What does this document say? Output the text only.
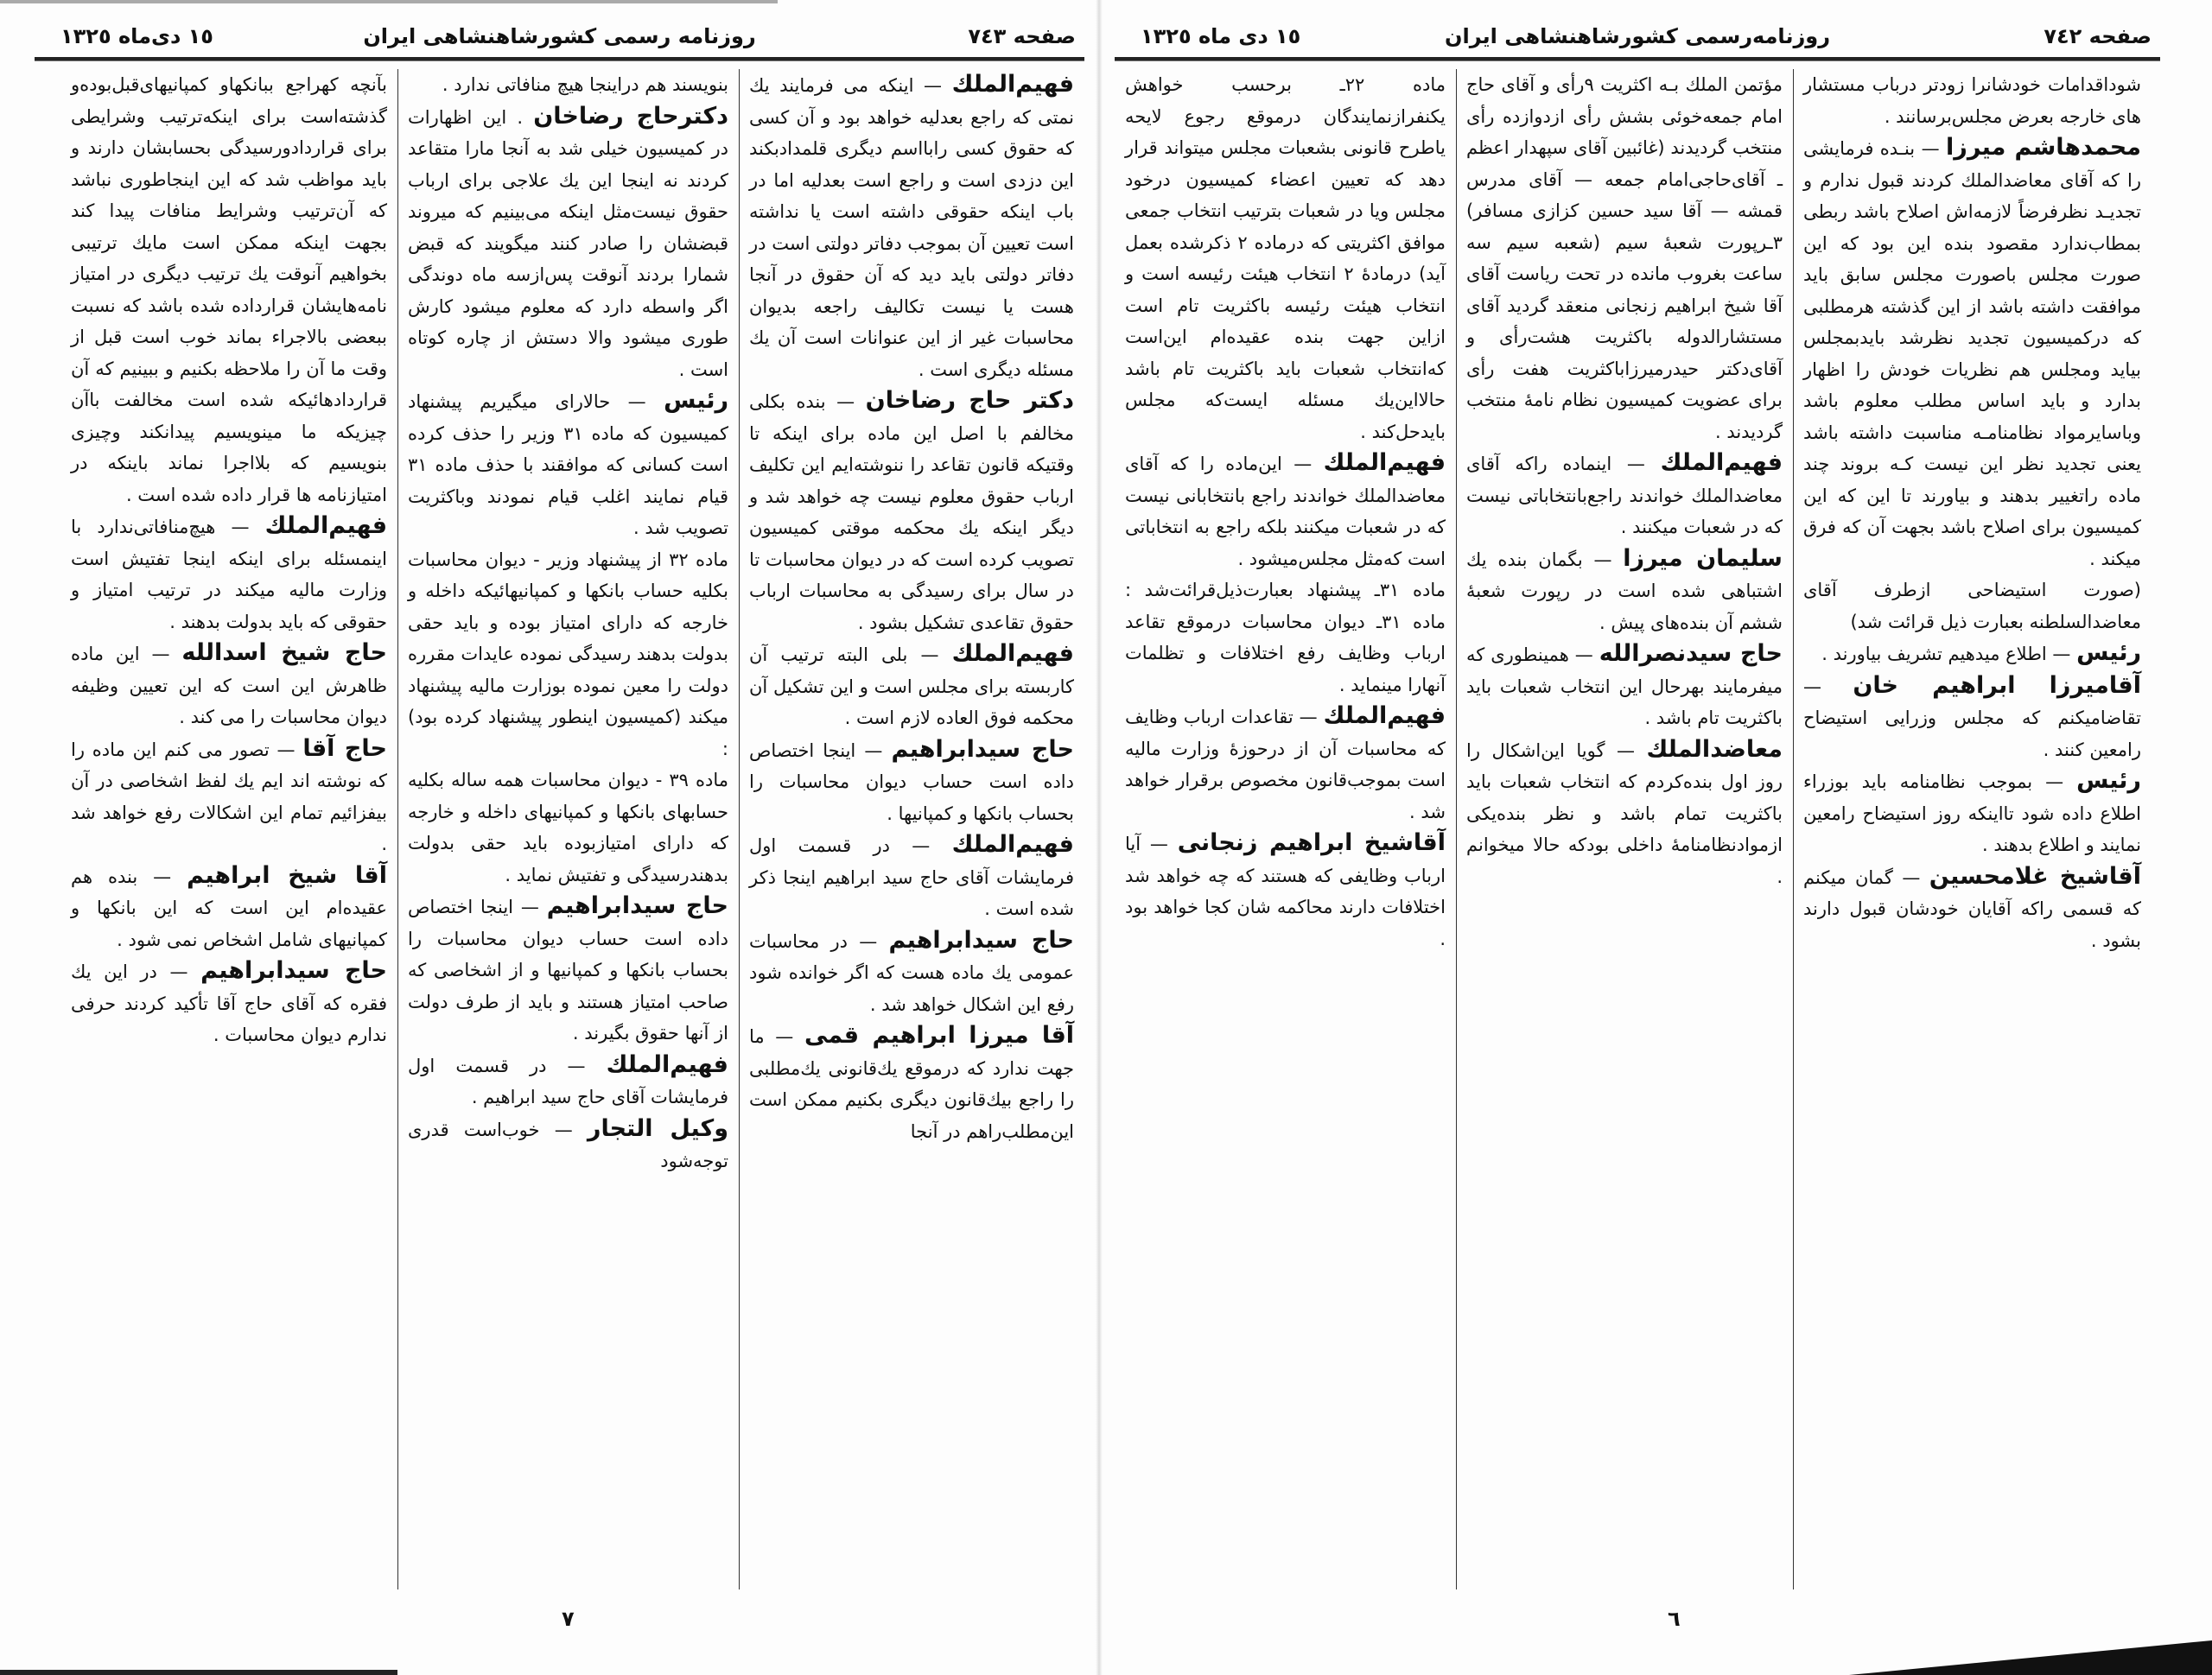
صفحه ٧٤٣
روزنامه رسمی کشورشاهنشاهی ایران
١٥ دی‌ماه ١٣٢٥

فهیم‌الملك — اینکه می فرمایند یك نمتی که راجع بعدلیه خواهد بود و آن کسی که حقوق کسی رابااسم دیگری قلمدادبکند این دزدی است و راجع است بعدلیه اما در باب اینکه حقوقی داشته است یا نداشته است تعیین آن بموجب دفاتر دولتی است در دفاتر دولتی باید دید که آن حقوق در آنجا هست یا نیست تکالیف راجعه بدیوان محاسبات غیر از این عنوانات است آن یك مسئله دیگری است .

دکتر حاج رضاخان — بنده بکلی مخالفم با اصل این ماده برای اینکه تا وقتیکه قانون تقاعد را ننوشته‌ایم این تکلیف ارباب حقوق معلوم نیست چه خواهد شد و دیگر اینکه یك محکمه‌ موقتی کمیسیون تصویب کرده است که در دیوان محاسبات تا در سال برای رسیدگی به محاسبات ارباب حقوق تقاعدی تشکیل بشود .

فهیم‌الملك — بلی البته ترتیب آن کاربسته برای مجلس است و این تشکیل آن محکمه فوق العاده لازم است .

حاج سیدابراهیم — اینجا اختصاص داده است حساب دیوان محاسبات را بحساب بانکها و کمپانیها .

فهیم‌الملك — در قسمت اول فرمایشات آقای حاج سید ابراهیم اینجا ذکر شده است .

حاج سیدابراهیم — در محاسبات عمومی یك ماده هست که اگر خوانده شود رفع این اشکال خواهد شد .

آقا میرزا ابراهیم قمی — ما جهت ندارد که درموقع یك‌قانونی یك‌مطلبی را راجع بیك‌قانون دیگری بکنیم ممکن است این‌مطلب‌راهم در آنجا

بنویسند هم دراینجا هیچ منافاتی ندارد .

دکترحاج رضاخان . این اظهارات در کمیسیون خیلی شد به آنجا مارا متقاعد کردند نه اینجا این یك علاجی برای ارباب حقوق نیست‌مثل اینکه می‌بینیم که میروند قبضشان را صادر کنند میگویند که قبض شمارا بردند آنوقت پس‌ازسه ماه دوندگی اگر واسطه دارد که معلوم میشود کارش طوری میشود والا دستش از چاره کوتاه است .

رئیس — حالارای میگیریم پیشنهاد کمیسیون که ماده ٣١ وزیر را حذف کرده است کسانی که موافقند با حذف ماده ٣١ قیام نمایند اغلب قیام نمودند وباکثریت تصویب شد .

ماده ٣٢ از پیشنهاد وزیر - دیوان محاسبات بکلیه حساب بانکها و کمپانیهائیکه داخله و خارجه که دارای امتیاز بوده و باید حقی بدولت بدهند رسیدگی نموده عایدات مقرره دولت را معین نموده بوزارت مالیه پیشنهاد میکند (کمیسیون اینطور پیشنهاد کرده بود) :

ماده ٣٩ - دیوان محاسبات همه ساله بکلیه حسابهای بانکها و کمپانیهای داخله و خارجه که دارای امتیازبوده باید حقی بدولت بدهندرسیدگی و تفتیش نماید .

حاج سیدابراهیم — اینجا اختصاص داده است حساب دیوان محاسبات را بحساب بانکها و کمپانیها و از اشخاصی که صاحب امتیاز هستند و باید از طرف دولت از آنها حقوق بگیرند .

فهیم‌الملك — در قسمت اول فرمایشات آقای حاج سید ابراهیم .

وکیل التجار — خوب‌است قدری توجه‌شود

بآنچه کهراجع ببانکهاو کمپانیهای‌قبل‌بوده‌و گذشته‌است برای اینکه‌ترتیب وشرایطی برای قراردادورسیدگی بحسابشان دارند و باید مواظب شد که این اینجاطوری نباشد که آن‌ترتیب وشرایط منافات پیدا کند بجهت اینکه ممکن است مایك ترتیبی بخواهیم آنوقت یك ترتیب دیگری در امتیاز نامه‌هایشان قرارداده شده باشد که نسبت ببعضی بالاجراء بماند خوب است قبل از وقت ما آن را ملاحظه بکنیم و ببینیم که آن قراردادهائیکه شده است مخالفت باآن چیزیکه ما مینویسیم پیدانکند وچیزی بنویسیم که بلااجرا نماند باینکه در امتیازنامه ها قرار داده شده است .

فهیم‌الملك — هیچ‌منافاتی‌ندارد با اینمسئله برای اینکه اینجا تفتیش است وزارت مالیه میکند در ترتیب امتیاز و حقوقی که باید بدولت بدهند .

حاج شیخ اسدالله — این ماده ظاهرش این است که این تعیین وظیفه دیوان محاسبات را می کند .

حاج آقا — تصور می کنم این ماده را که نوشته اند ایم یك لفظ اشخاصی در آن بیفزائیم تمام این اشکالات رفع خواهد شد .

آقا شیخ ابراهیم — بنده هم عقیده‌ام این است که این بانکها و کمپانیهای شامل اشخاص نمی شود .

حاج سیدابراهیم — در این یك فقره که آقای حاج آقا تأکید کردند حرفی ندارم دیوان محاسبات .

٧
صفحه ٧٤٢
روزنامه‌رسمی کشورشاهنشاهی ایران
١٥ دی ماه ١٣٢٥

ماده ٢٢ـ برحسب خواهش یکنفرازنمایندگان درموقع رجوع لایحه یاطرح قانونی بشعبات مجلس میتواند قرار دهد که تعیین اعضاء کمیسیون درخود مجلس ویا در شعبات بترتیب انتخاب جمعی موافق اکثریتی که درماده ٢ ذکرشده بعمل آید) درمادهٔ ٢ انتخاب هیئت رئیسه است و انتخاب هیئت رئیسه باکثریت تام است ازاین جهت بنده عقیده‌ام این‌است که‌انتخاب شعبات باید باکثریت تام باشد حالااین‌یك مسئله ایست‌که مجلس بایدحل‌کند .

فهیم‌الملك — این‌ماده را که آقای معاضدالملك خواندند راجع بانتخابانی نیست که در شعبات میکنند بلکه راجع به انتخاباتی است که‌مثل مجلس‌میشود .

ماده ٣١ـ پیشنهاد بعبارت‌ذیل‌قرائت‌شد : ماده ٣١ـ دیوان محاسبات درموقع تقاعد ارباب وظایف رفع اختلافات و تظلمات آنهارا مینماید .

فهیم‌الملك — تقاعدات ارباب وظایف که محاسبات آن از درحوزهٔ وزارت مالیه است بموجب‌قانون مخصوص برقرار خواهد شد .

آقاشیخ ابراهیم زنجانی — آیا ارباب وظایفی که هستند که چه خواهد شد اختلافات دارند محاکمه شان کجا خواهد بود .

مؤتمن الملك بـه اکثریت ٩رأی و آقای حاج امام جمعه‌خوئی بشش رأی ازدوازده رأی منتخب گردیدند (غائبین آقای سپهدار اعظم ـ آقای‌حاجی‌امام جمعه — آقای مدرس قمشه — آقا سید حسین کزازی مسافر) ٣ـرپورت شعبهٔ سیم (شعبه سیم سه ساعت بغروب مانده در تحت ریاست آقای آقا شیخ ابراهیم زنجانی منعقد گردید آقای مستشارالدوله باکثریت هشت‌رأی و آقای‌دکتر حیدرمیرزاباکثریت هفت رأی برای عضویت کمیسیون نظام نامهٔ منتخب گردیدند .

فهیم‌الملك — اینماده راکه آقای معاضدالملك خواندند راجع‌بانتخاباتی نیست که در شعبات میکنند .

سلیمان میرزا — بگمان بنده یك اشتباهی شده است در رپورت شعبهٔ ششم آن بنده‌های پیش .

حاج سیدنصرالله — همینطوری که میفرمایند بهرحال این انتخاب شعبات باید باکثریت تام باشد .

معاضدالملك — گویا این‌اشکال را روز اول بنده‌کردم که انتخاب شعبات باید باکثریت تمام باشد و نظر بنده‌یکی ازموادنظامنامهٔ داخلی بودکه حالا میخوانم .

شوداقدامات خودشانرا زودتر درباب مستشار های خارجه بعرض مجلس‌برسانند .

محمدهاشم میرزا — بنـده فرمایشی را که آقای معاضدالملك کردند قبول ندارم و تجدیـد نظرفرضاً لازمه‌اش اصلاح باشد ربطی بمطاب‌ندارد مقصود بنده این بود که این صورت مجلس باصورت مجلس سابق باید موافقت داشته باشد از این گذشته هرمطلبی که درکمیسیون تجدید نظرشد بایدبمجلس بیاید ومجلس هم نظریات خودش را اظهار بدارد و باید اساس مطلب معلوم باشد وباسایرمواد نظامنامـه مناسبت داشته باشد یعنی تجدید نظر این نیست کـه بروند چند ماده راتغییر بدهند و بیاورند تا این که این کمیسیون برای اصلاح باشد بجهت آن که فرق میکند .

(صورت استیضاحی ازطرف آقای معاضدالسلطنه بعبارت ذیل قرائت شد)

رئیس — اطلاع میدهیم تشریف بیاورند .

آقامیرزا ابراهیم خان — تقاضامیکنم که مجلس وزرایی استیضاح رامعین کنند .

رئیس — بموجب نظامنامه باید بوزراء اطلاع داده شود تااینکه روز استیضاح رامعین نمایند و اطلاع بدهند .

آقاشیخ غلامحسین — گمان میکنم که قسمی راکه آقایان خودشان قبول دارند بشود .

٦
